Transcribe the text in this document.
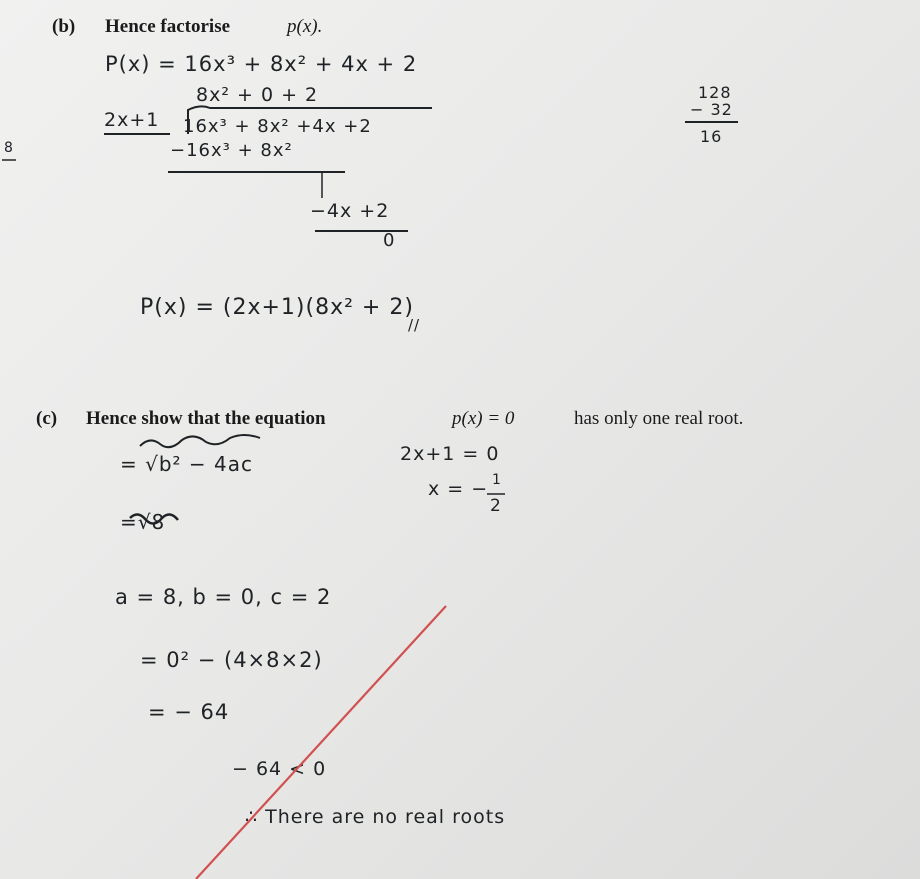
(b) Hence factorise	p(x).
P(x) = 16x³ + 8x² + 4x + 2
8x² + 0 + 2
2x+1 16x³ + 8x² +4x +2
−16x³ + 8x²
−4x +2
0
8
128
− 32
16
P(x) = (2x+1)(8x² + 2)
//
(c) Hence show that the equation	p(x) = 0	has only one real root.
= √b² − 4ac
=√8
2x+1 = 0
x = − 1
2
a = 8, b = 0, c = 2
= 0² − (4×8×2)
= − 64
− 64 < 0
∴ There are no real roots
